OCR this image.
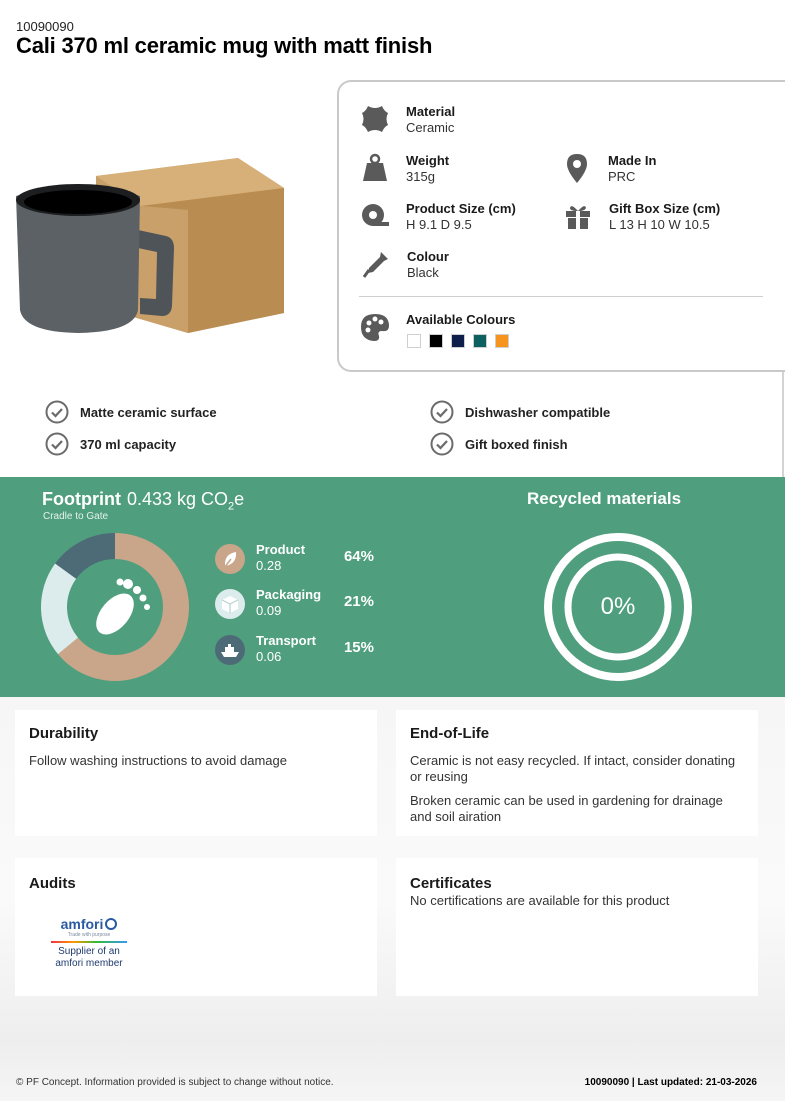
10090090
Cali 370 ml ceramic mug with matt finish
Material
Ceramic
Weight
315g
Made In
PRC
Product Size (cm)
H 9.1 D 9.5
Gift Box Size (cm)
L 13 H 10 W 10.5
Colour
Black
Available Colours
Matte ceramic surface
370 ml capacity
Dishwasher compatible
Gift boxed finish
Footprint 0.433 kg $CO_2e$
Cradle to Gate
Product
0.28
64%
Packaging
0.09
21%
Transport
0.06
15%
Recycled materials
0%
Durability

Follow washing instructions to avoid damage

End-of-Life

Ceramic is not easy recycled. If intact, consider donating or reusing

Broken ceramic can be used in gardening for drainage and soil airation

Audits
amfori
Trade with purpose
Supplier of an amfori member
Certificates

No certifications are available for this product

© PF Concept. Information provided is subject to change without notice.	10090090 | Last updated: 21-03-2026
